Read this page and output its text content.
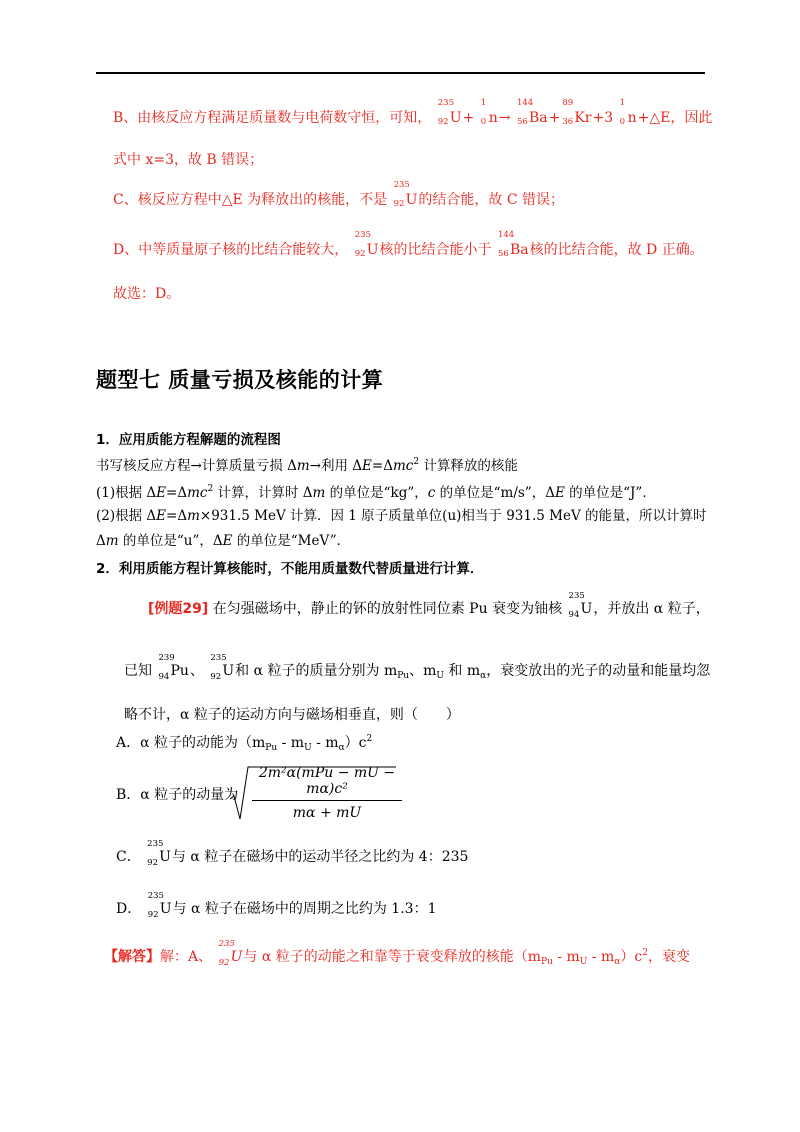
B、由核反应方程满足质量数与电荷数守恒，可知，
235
92 U+
1
0 n→
144
56 Ba+
89
36 Kr+3
1
0 n+△E，因此
式中 x=3，故 B 错误；
C、核反应方程中△E 为释放出的核能，不是
235
92 U的结合能，故 C 错误；
D、中等质量原子核的比结合能较大，
235
92 U核的比结合能小于
144
56 Ba核的比结合能，故 D 正确。
故选：D。
题型七 质量亏损及核能的计算
1．应用质能方程解题的流程图
书写核反应方程→计算质量亏损 Δm→利用 ΔE=Δmc$^2$ 计算释放的核能
(1)根据 ΔE=Δmc$^2$ 计算，计算时 Δm 的单位是“kg”，c 的单位是“m/s”，ΔE 的单位是“J”．
(2)根据 ΔE=Δm×931.5 MeV 计算．因 1 原子质量单位(u)相当于 931.5 MeV 的能量，所以计算时
Δm 的单位是“u”，ΔE 的单位是“MeV”．
2．利用质能方程计算核能时，不能用质量数代替质量进行计算．
[例题29] 在匀强磁场中，静止的钚的放射性同位素 Pu 衰变为铀核
235
94 U，并放出 α 粒子，
已知
239
94 Pu、
235
92 U和 α 粒子的质量分别为 $m_{Pu}$、$m_U$ 和 $m_\alpha$，衰变放出的光子的动量和能量均忽
略不计，α 粒子的运动方向与磁场相垂直，则（　　）
A．α 粒子的动能为$(m_{Pu} - m_U - m_\alpha)c^2$
B．α 粒子的动量为
2m²α(mPu − mU − mα)c²
mα + mU
C．
235
92 U与 α 粒子在磁场中的运动半径之比约为 4：235
D．
235
92 U与 α 粒子在磁场中的周期之比约为 1.3：1
【解答】解：A、
235
92 U与 α 粒子的动能之和靠等于衰变释放的核能$(m_{Pu} - m_U - m_\alpha)c^2$，衰变
